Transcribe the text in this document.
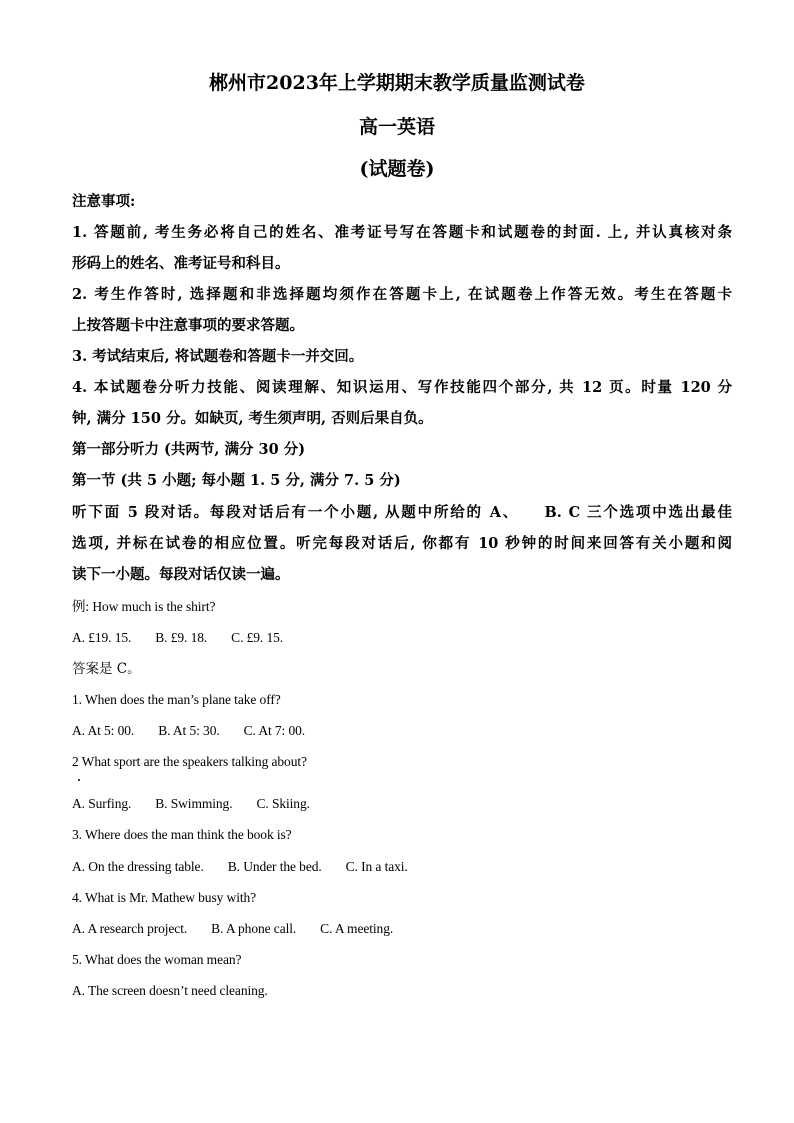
郴州市2023年上学期期末教学质量监测试卷
高一英语
(试题卷)
注意事项:
1. 答题前, 考生务必将自己的姓名、准考证号写在答题卡和试题卷的封面. 上, 并认真核对条
形码上的姓名、准考证号和科目。
2. 考生作答时, 选择题和非选择题均须作在答题卡上, 在试题卷上作答无效。考生在答题卡
上按答题卡中注意事项的要求答题。
3. 考试结束后, 将试题卷和答题卡一并交回。
4. 本试题卷分听力技能、阅读理解、知识运用、写作技能四个部分, 共 12 页。时量 120 分
钟, 满分 150 分。如缺页, 考生须声明, 否则后果自负。
第一部分听力 (共两节, 满分 30 分)
第一节 (共 5 小题; 每小题 1. 5 分, 满分 7. 5 分)
听下面 5 段对话。每段对话后有一个小题, 从题中所给的 A、　　B. C 三个选项中选出最佳
选项, 并标在试卷的相应位置。听完每段对话后, 你都有 10 秒钟的时间来回答有关小题和阅
读下一小题。每段对话仅读一遍。
例: How much is the shirt?
A. £19. 15. B. £9. 18. C. £9. 15.
答案是 C。
1. When does the man’s plane take off?
A. At 5: 00. B. At 5: 30. C. At 7: 00.
2 What sport are the speakers talking about?
A. Surfing. B. Swimming. C. Skiing.
3. Where does the man think the book is?
A. On the dressing table. B. Under the bed. C. In a taxi.
4. What is Mr. Mathew busy with?
A. A research project. B. A phone call. C. A meeting.
5. What does the woman mean?
A. The screen doesn’t need cleaning.
